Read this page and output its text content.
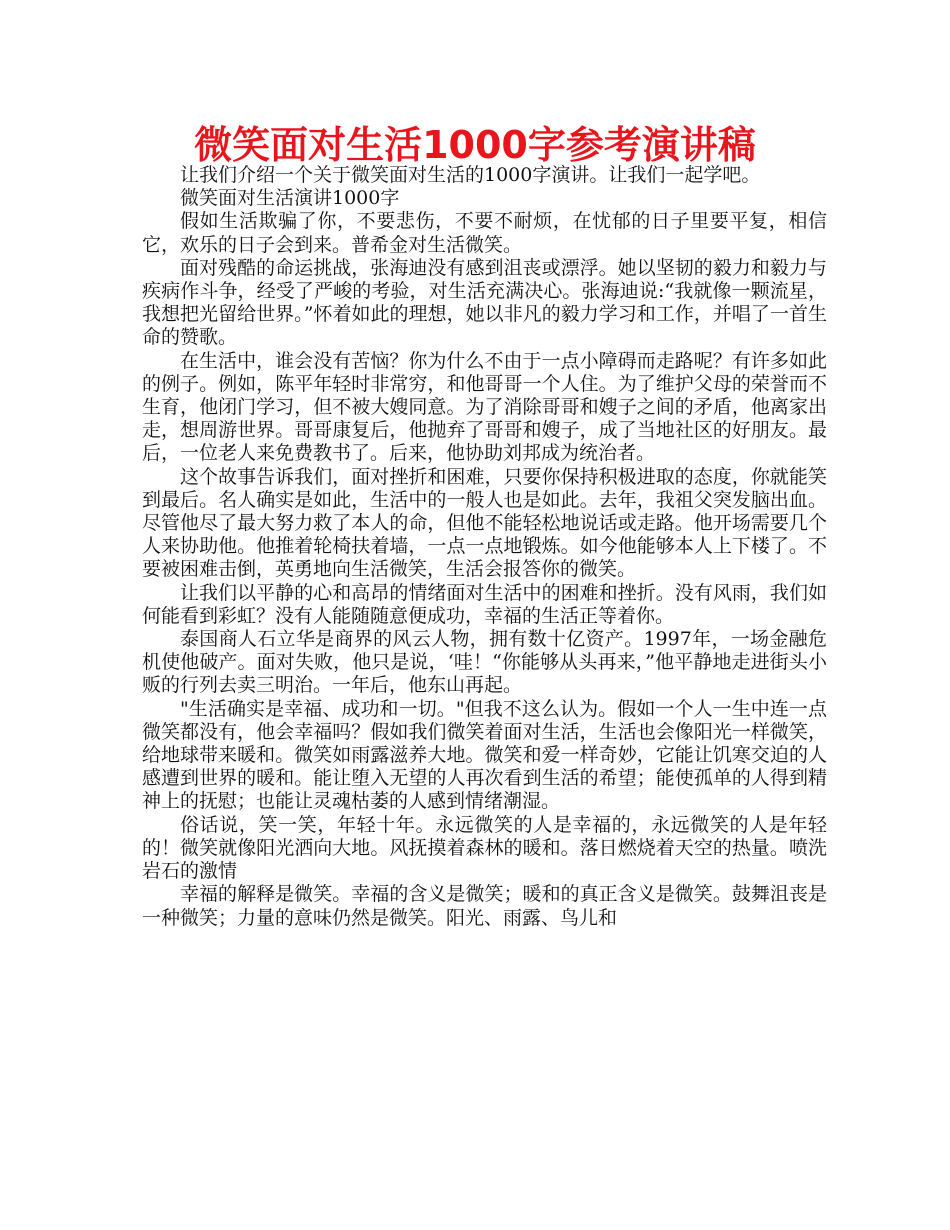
微笑面对生活1000字参考演讲稿

让我们介绍一个关于微笑面对生活的1000字演讲。让我们一起学吧。

微笑面对生活演讲1000字

假如生活欺骗了你，不要悲伤，不要不耐烦，在忧郁的日子里要平复，相信它，欢乐的日子会到来。普希金对生活微笑。

面对残酷的命运挑战，张海迪没有感到沮丧或漂浮。她以坚韧的毅力和毅力与疾病作斗争，经受了严峻的考验，对生活充满决心。张海迪说:“我就像一颗流星，我想把光留给世界。”怀着如此的理想，她以非凡的毅力学习和工作，并唱了一首生命的赞歌。

在生活中，谁会没有苦恼？你为什么不由于一点小障碍而走路呢？有许多如此的例子。例如，陈平年轻时非常穷，和他哥哥一个人住。为了维护父母的荣誉而不生育，他闭门学习，但不被大嫂同意。为了消除哥哥和嫂子之间的矛盾，他离家出走，想周游世界。哥哥康复后，他抛弃了哥哥和嫂子，成了当地社区的好朋友。最后，一位老人来免费教书了。后来，他协助刘邦成为统治者。

这个故事告诉我们，面对挫折和困难，只要你保持积极进取的态度，你就能笑到最后。名人确实是如此，生活中的一般人也是如此。去年，我祖父突发脑出血。尽管他尽了最大努力救了本人的命，但他不能轻松地说话或走路。他开场需要几个人来协助他。他推着轮椅扶着墙，一点一点地锻炼。如今他能够本人上下楼了。不要被困难击倒，英勇地向生活微笑，生活会报答你的微笑。

让我们以平静的心和高昂的情绪面对生活中的困难和挫折。没有风雨，我们如何能看到彩虹？没有人能随随意便成功，幸福的生活正等着你。

泰国商人石立华是商界的风云人物，拥有数十亿资产。1997年，一场金融危机使他破产。面对失败，他只是说，‘哇！“你能够从头再来，”他平静地走进街头小贩的行列去卖三明治。一年后，他东山再起。

"生活确实是幸福、成功和一切。"但我不这么认为。假如一个人一生中连一点微笑都没有，他会幸福吗？假如我们微笑着面对生活，生活也会像阳光一样微笑，给地球带来暖和。微笑如雨露滋养大地。微笑和爱一样奇妙，它能让饥寒交迫的人感遭到世界的暖和。能让堕入无望的人再次看到生活的希望；能使孤单的人得到精神上的抚慰；也能让灵魂枯萎的人感到情绪潮湿。

俗话说，笑一笑，年轻十年。永远微笑的人是幸福的，永远微笑的人是年轻的！微笑就像阳光洒向大地。风抚摸着森林的暖和。落日燃烧着天空的热量。喷洗岩石的激情

幸福的解释是微笑。幸福的含义是微笑；暖和的真正含义是微笑。鼓舞沮丧是一种微笑；力量的意味仍然是微笑。阳光、雨露、鸟儿和
